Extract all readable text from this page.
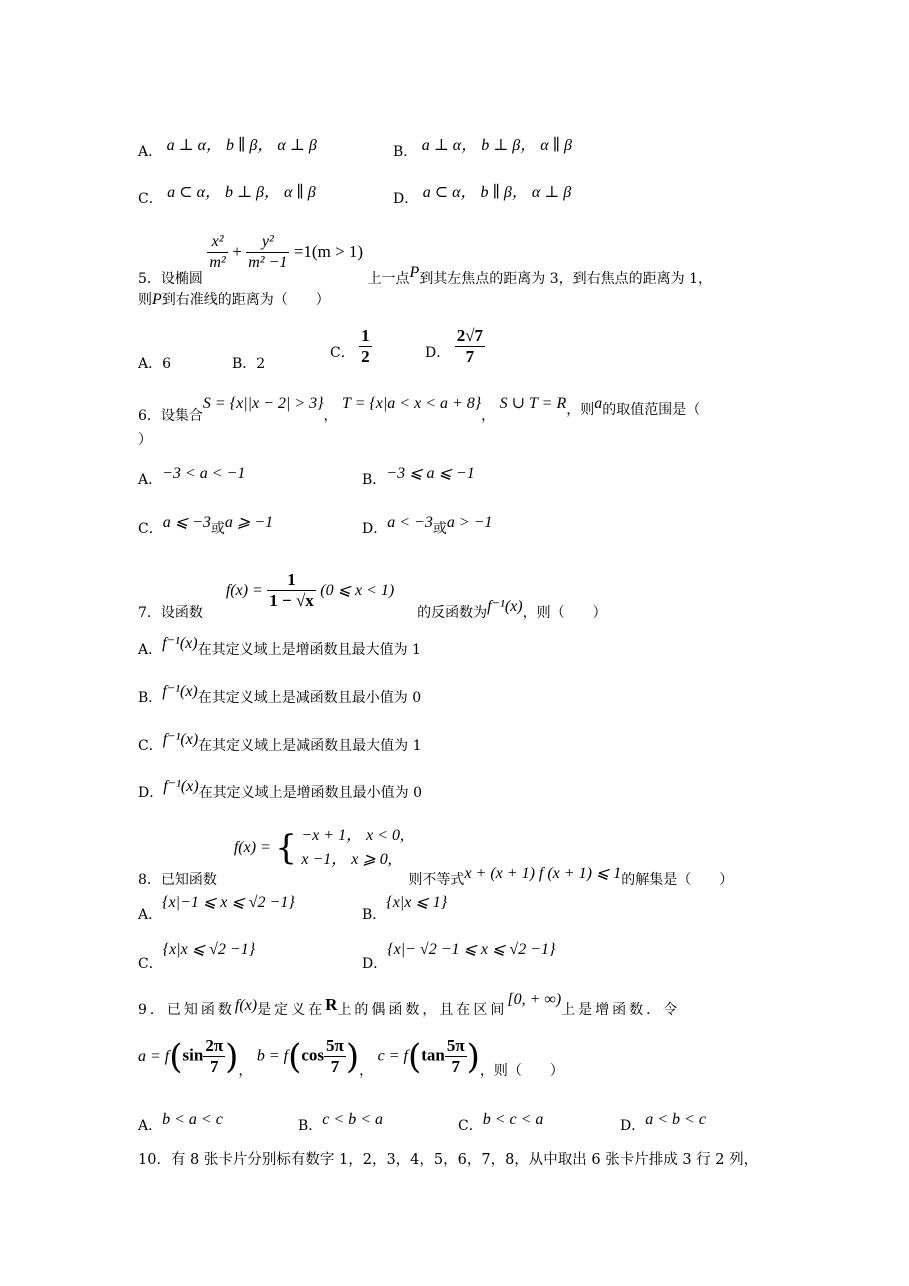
A． a ⊥ α， b ∥ β， α ⊥ β	B． a ⊥ α， b ⊥ β， α ∥ β
C． a ⊂ α， b ⊥ β， α ∥ β	D． a ⊂ α， b ∥ β， α ⊥ β
5．设椭圆
$\frac{\text{x²}}{\text{m²}} + \frac{\text{y²}}{\text{m² −1}} =1(m > 1)$ 上一点P到其左焦点的距离为 3，到右焦点的距离为 1，
则P到右准线的距离为（　　）
A．6	B．2
C． $\frac{1}{2}$	D． $\frac{2√7}{7}$
6．设集合S = {x||x − 2| > 3}， T = {x|a < x < a + 8}， S ∪ T = R，则a的取值范围是（
）
A．−3 < a < −1	B．−3 ⩽ a ⩽ −1
C．a ⩽ −3或a ⩾ −1	D．a < −3或a > −1
7．设函数  $f(x) = \frac{1}{1 - √x} (0$ ⩽ x < 1)  的反函数为f⁻¹(x)，则（　　）
A．f⁻¹(x)在其定义域上是增函数且最大值为 1
B．f⁻¹(x)在其定义域上是减函数且最小值为 0
C．f⁻¹(x)在其定义域上是减函数且最大值为 1
D．f⁻¹(x)在其定义域上是增函数且最小值为 0
8．已知函数  f(x) = { −x + 1， x < 0,
x −1， x ⩾ 0,
则不等式x + (x + 1) f (x + 1) ⩽ 1的解集是（　　）
A．{x|−1 ⩽ x ⩽ √2 −1}
B．{x|x ⩽ 1}
C．{x|x ⩽ √2 −1}
D．{x|− √2 −1 ⩽ x ⩽ √2 −1}
9．已知函数f(x)是定义在R上的偶函数，且在区间[0, + ∞)上是增函数．令
$a = f(\sin \frac{2\pi}{7}$ )， $b = f(\cos \frac{5\pi}{7}$ )， $c = f(\tan \frac{5\pi}{7}$ )，则（　　）
A．b < a < c	B．c < b < a	C．b < c < a	D．a < b < c
10．有 8 张卡片分别标有数字 1，2，3，4，5，6，7，8，从中取出 6 张卡片排成 3 行 2 列，
